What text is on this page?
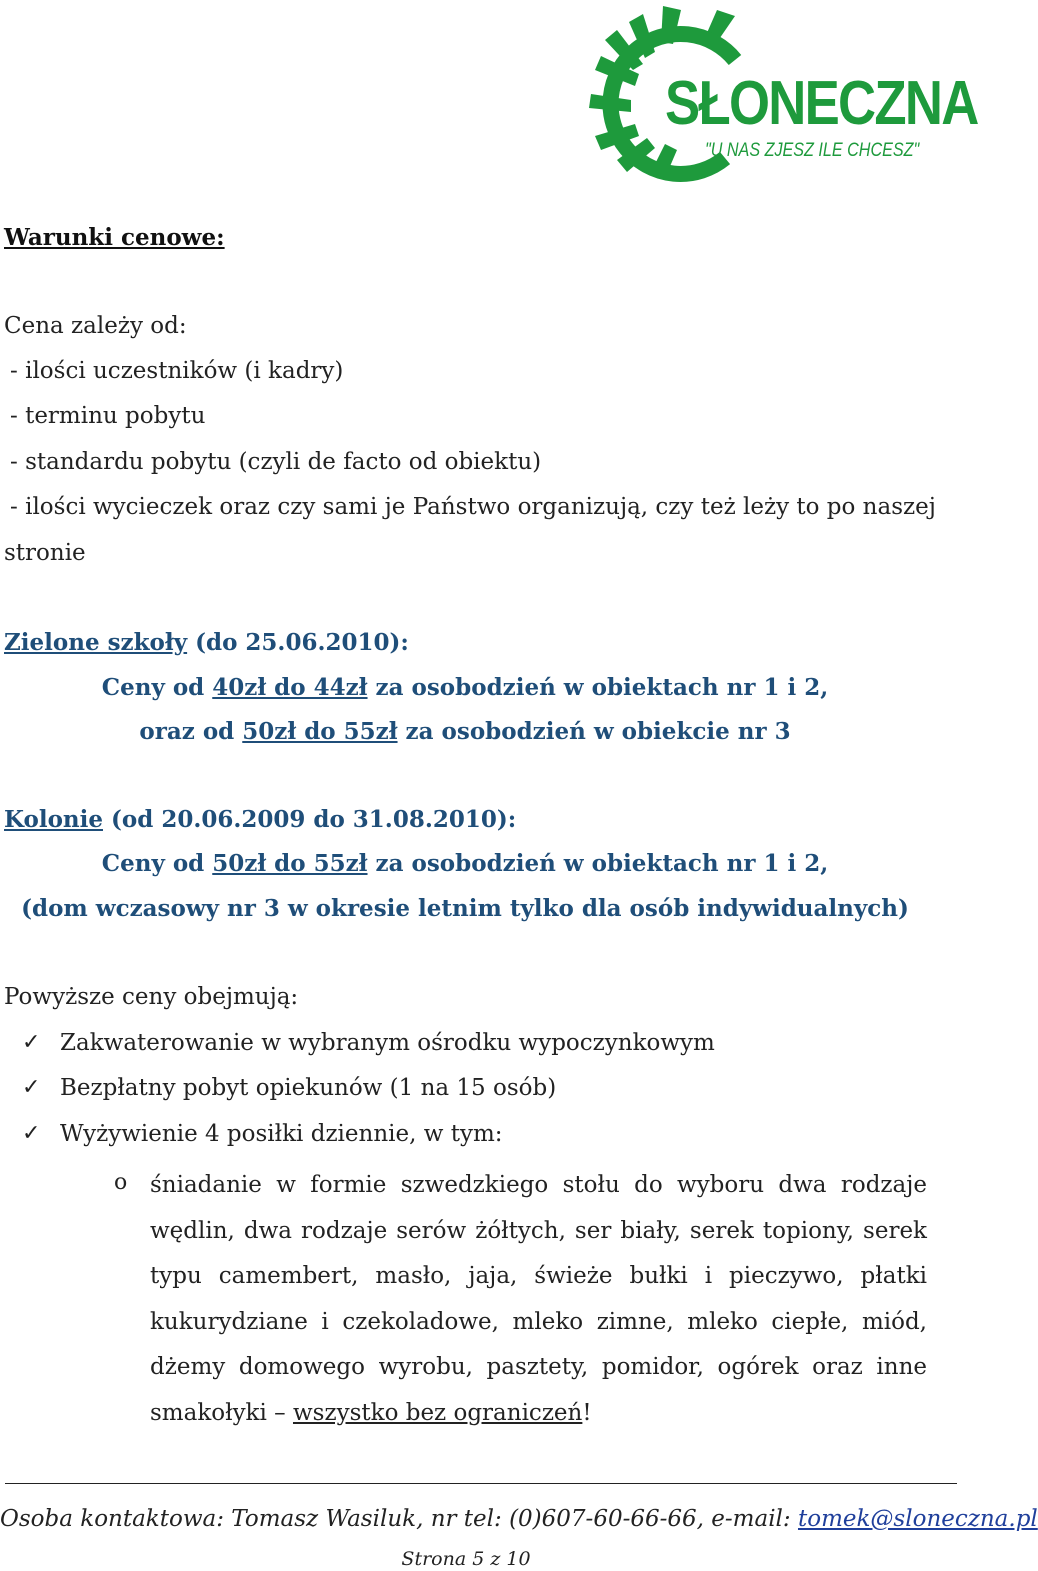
SŁONECZNA
"U NAS ZJESZ ILE CHCESZ"
Warunki cenowe:
Cena zależy od:
- ilości uczestników (i kadry)
- terminu pobytu
- standardu pobytu (czyli de facto od obiektu)
- ilości wycieczek oraz czy sami je Państwo organizują, czy też leży to po naszej
stronie
Zielone szkoły (do 25.06.2010):
Ceny od 40zł do 44zł za osobodzień w obiektach nr 1 i 2,
oraz od 50zł do 55zł za osobodzień w obiekcie nr 3
Kolonie (od 20.06.2009 do 31.08.2010):
Ceny od 50zł do 55zł za osobodzień w obiektach nr 1 i 2,
(dom wczasowy nr 3 w okresie letnim tylko dla osób indywidualnych)
Powyższe ceny obejmują:
✓ Zakwaterowanie w wybranym ośrodku wypoczynkowym
✓ Bezpłatny pobyt opiekunów (1 na 15 osób)
✓ Wyżywienie 4 posiłki dziennie, w tym:
o śniadanie w formie szwedzkiego stołu do wyboru dwa rodzaje wędlin, dwa rodzaje serów żółtych, ser biały, serek topiony, serek typu camembert, masło, jaja, świeże bułki i pieczywo, płatki kukurydziane i czekoladowe, mleko zimne, mleko ciepłe, miód, dżemy domowego wyrobu, pasztety, pomidor, ogórek oraz inne smakołyki – wszystko bez ograniczeń!
Osoba kontaktowa: Tomasz Wasiluk, nr tel: (0)607-60-66-66, e-mail: tomek@sloneczna.pl
Strona 5 z 10
